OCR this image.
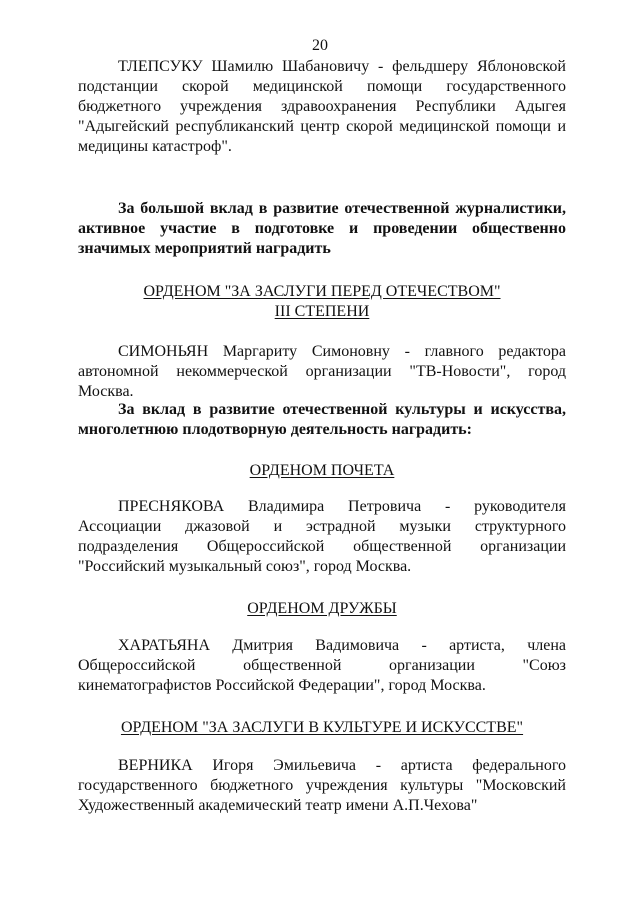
20

ТЛЕПСУКУ Шамилю Шабановичу - фельдшеру Яблоновской подстанции скорой медицинской помощи государственного бюджетного учреждения здравоохранения Республики Адыгея "Адыгейский республиканский центр скорой медицинской помощи и медицины катастроф".

За большой вклад в развитие отечественной журналистики, активное участие в подготовке и проведении общественно значимых мероприятий наградить

ОРДЕНОМ "ЗА ЗАСЛУГИ ПЕРЕД ОТЕЧЕСТВОМ"
III СТЕПЕНИ

СИМОНЬЯН Маргариту Симоновну - главного редактора автономной некоммерческой организации "ТВ-Новости", город Москва.

За вклад в развитие отечественной культуры и искусства, многолетнюю плодотворную деятельность наградить:

ОРДЕНОМ ПОЧЕТА

ПРЕСНЯКОВА Владимира Петровича - руководителя Ассоциации джазовой и эстрадной музыки структурного подразделения Общероссийской общественной организации "Российский музыкальный союз", город Москва.

ОРДЕНОМ ДРУЖБЫ

ХАРАТЬЯНА Дмитрия Вадимовича - артиста, члена Общероссийской общественной организации "Союз кинематографистов Российской Федерации", город Москва.

ОРДЕНОМ "ЗА ЗАСЛУГИ В КУЛЬТУРЕ И ИСКУССТВЕ"

ВЕРНИКА Игоря Эмильевича - артиста федерального государственного бюджетного учреждения культуры "Московский Художественный академический театр имени А.П.Чехова"
